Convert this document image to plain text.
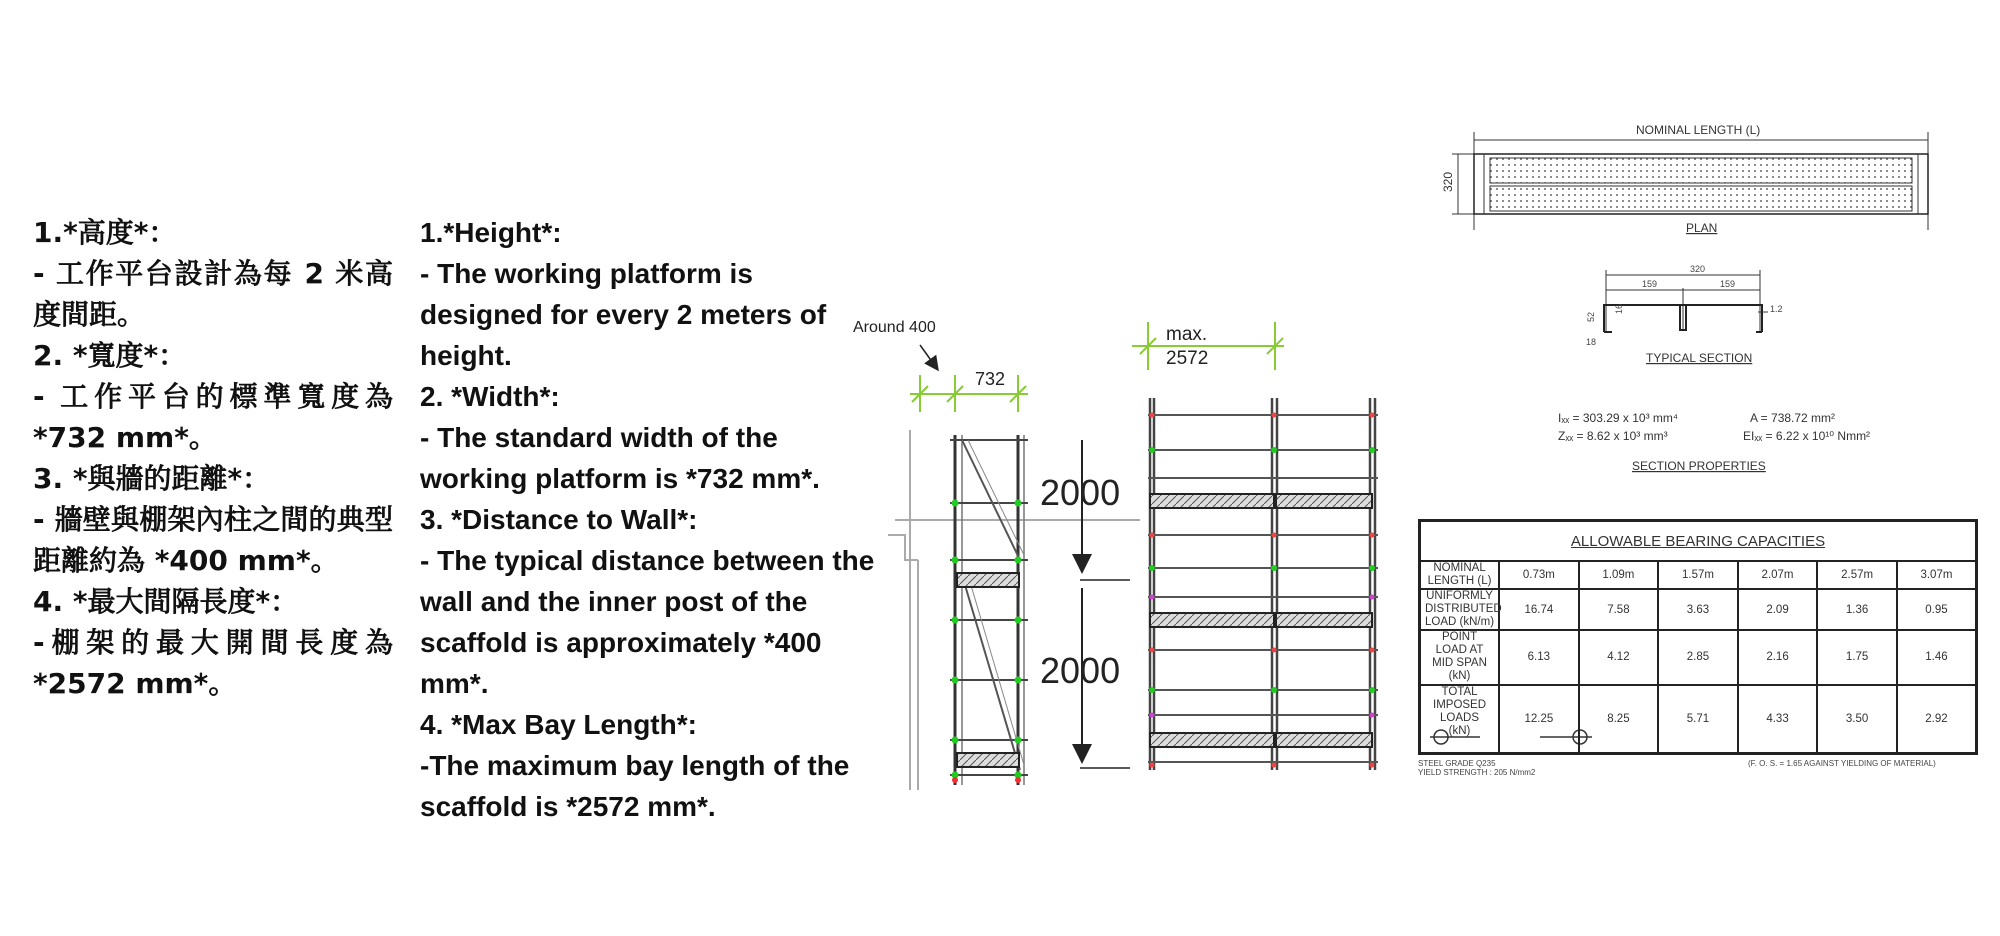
1.*高度*：

- 工作平台設計為每 2 米高度間距。

2. *寬度*：

- 工作平台的標準寬度為 *732 mm*。

3. *與牆的距離*：

- 牆壁與棚架內柱之間的典型距離約為 *400 mm*。

4. *最大間隔長度*：

-棚架的最大開間長度為 *2572 mm*。

1.*Height*:

- The working platform is designed for every 2 meters of height.

2. *Width*:

- The standard width of the working platform is *732 mm*.

3. *Distance to Wall*:

- The typical distance between the wall and the inner post of the scaffold is approximately *400 mm*.

4. *Max Bay Length*:

-The maximum bay length of the scaffold is *2572 mm*.

732
Around 400
2000
2000
max.
2572
NOMINAL LENGTH (L)
320
PLAN
320
159	159
1.2
52
16
18
TYPICAL SECTION
Iₓₓ = 303.29 x 10³ mm⁴
Zₓₓ = 8.62 x 10³ mm³
A = 738.72 mm²
EIₓₓ = 6.22 x 10¹⁰ Nmm²
SECTION PROPERTIES
ALLOWABLE BEARING CAPACITIES						
NOMINAL LENGTH (L)	0.73m	1.09m	1.57m	2.07m	2.57m	3.07m
UNIFORMLY DISTRIBUTED LOAD (kN/m)	16.74	7.58	3.63	2.09	1.36	0.95
POINT LOAD AT MID SPAN (kN)	6.13	4.12	2.85	2.16	1.75	1.46

TOTAL IMPOSED LOADS
(kN)	12.25	8.25	5.71	4.33	3.50	2.92
STEEL GRADE Q235
YIELD STRENGTH : 205 N/mm2
(F. O. S. = 1.65 AGAINST YIELDING OF MATERIAL)
